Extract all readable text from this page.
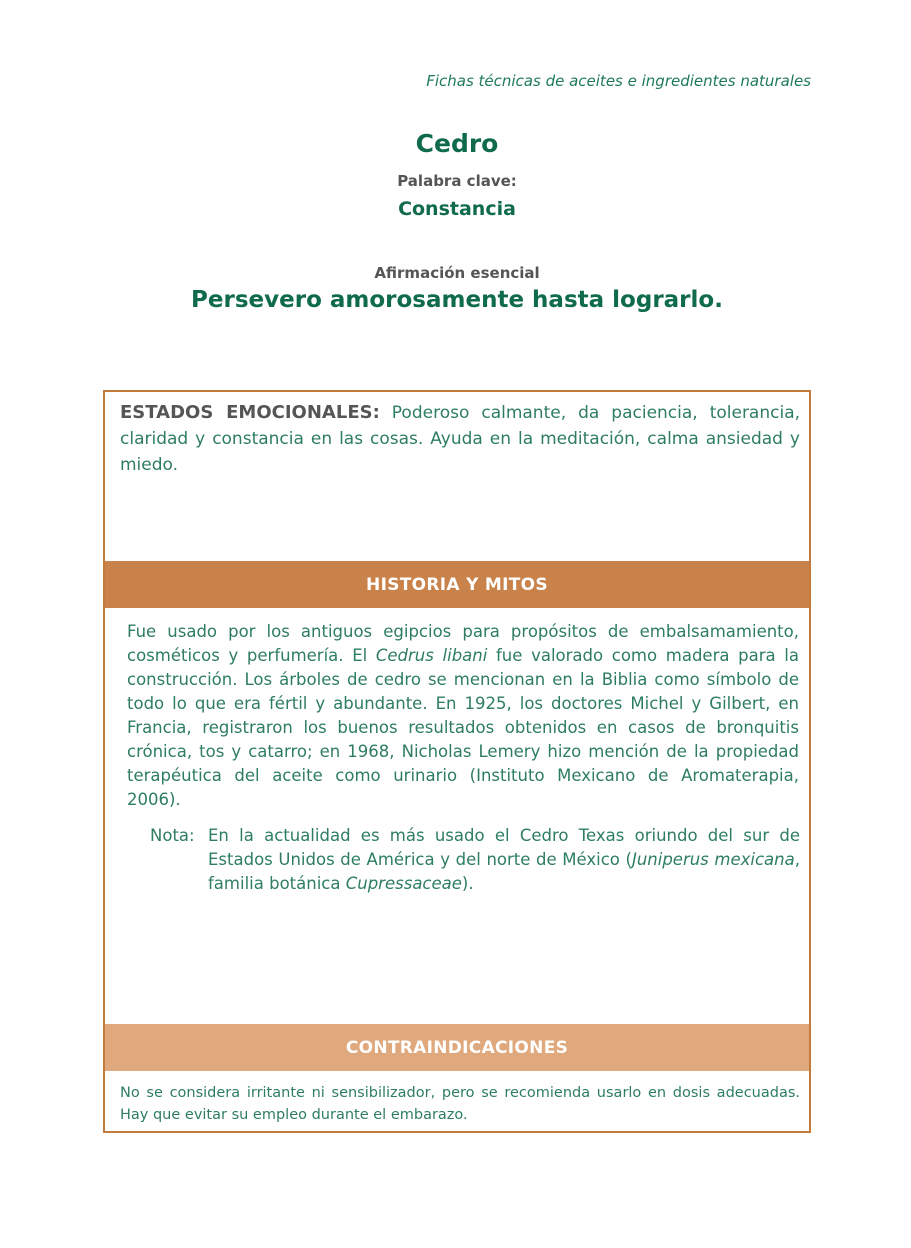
Fichas técnicas de aceites e ingredientes naturales
Cedro
Palabra clave:
Constancia
Afirmación esencial
Persevero amorosamente hasta lograrlo.
ESTADOS EMOCIONALES: Poderoso calmante, da paciencia, tolerancia, claridad y constancia en las cosas. Ayuda en la meditación, calma ansiedad y miedo.
HISTORIA Y MITOS
Fue usado por los antiguos egipcios para propósitos de embalsamamiento, cosméticos y perfumería. El Cedrus libani fue valorado como madera para la construcción. Los árboles de cedro se mencionan en la Biblia como símbolo de todo lo que era fértil y abundante. En 1925, los doctores Michel y Gilbert, en Francia, registraron los buenos resultados obtenidos en casos de bronquitis crónica, tos y catarro; en 1968, Nicholas Lemery hizo mención de la propiedad terapéutica del aceite como urinario (Instituto Mexicano de Aromaterapia, 2006).
Nota: En la actualidad es más usado el Cedro Texas oriundo del sur de Estados Unidos de América y del norte de México (Juniperus mexicana, familia botánica Cupressaceae).
CONTRAINDICACIONES
No se considera irritante ni sensibilizador, pero se recomienda usarlo en dosis adecuadas. Hay que evitar su empleo durante el embarazo.
